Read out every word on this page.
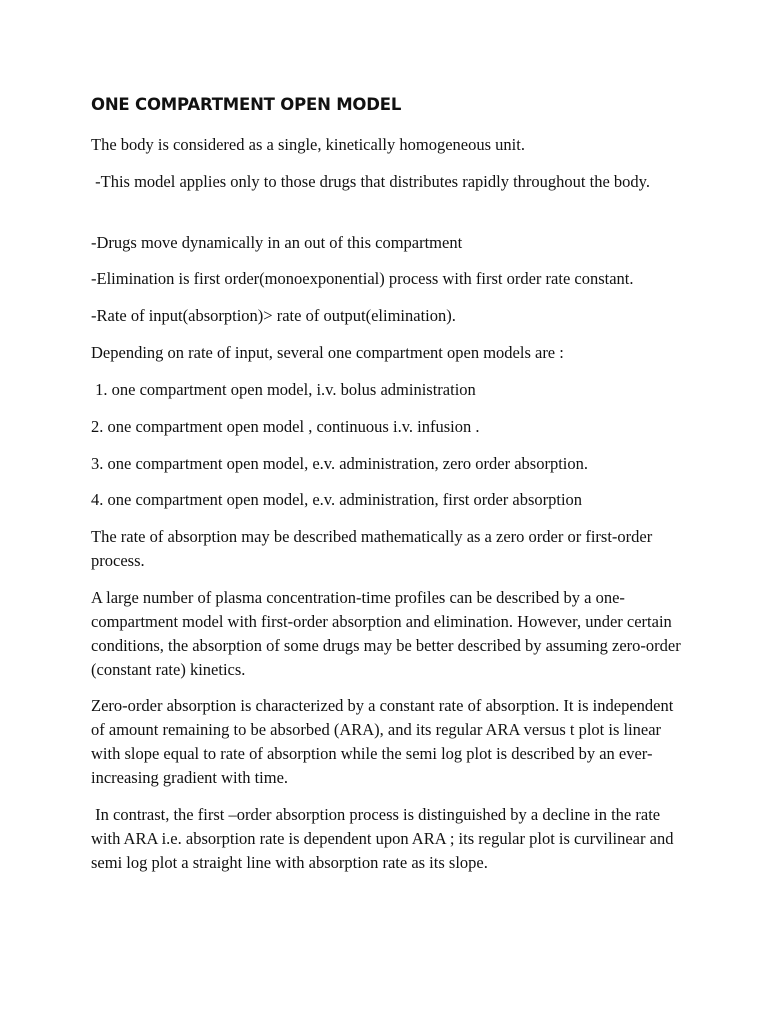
ONE COMPARTMENT OPEN MODEL
The body is considered as a single, kinetically homogeneous unit.
-This model applies only to those drugs that distributes rapidly throughout the body.
-Drugs move dynamically in an out of this compartment
-Elimination is first order(monoexponential) process with first order rate constant.
-Rate of input(absorption)> rate of output(elimination).
Depending on rate of input, several one compartment open models are :
1. one compartment open model, i.v. bolus administration
2. one compartment open model , continuous i.v. infusion .
3. one compartment open model, e.v. administration, zero order absorption.
4. one compartment open model, e.v. administration, first order absorption
The rate of absorption may be described mathematically as a zero order or first-order process.
A large number of plasma concentration-time profiles can be described by a one-compartment model with first-order absorption and elimination. However, under certain conditions, the absorption of some drugs may be better described by assuming zero-order (constant rate) kinetics.
Zero-order absorption is characterized by a constant rate of absorption. It is independent of amount remaining to be absorbed (ARA), and its regular ARA versus t plot is linear with slope equal to rate of absorption while the semi log plot is described by an ever-increasing gradient with time.
In contrast, the first –order absorption process is distinguished by a decline in the rate with ARA i.e. absorption rate is dependent upon ARA ; its regular plot is curvilinear and semi log plot a straight line with absorption rate as its slope.
